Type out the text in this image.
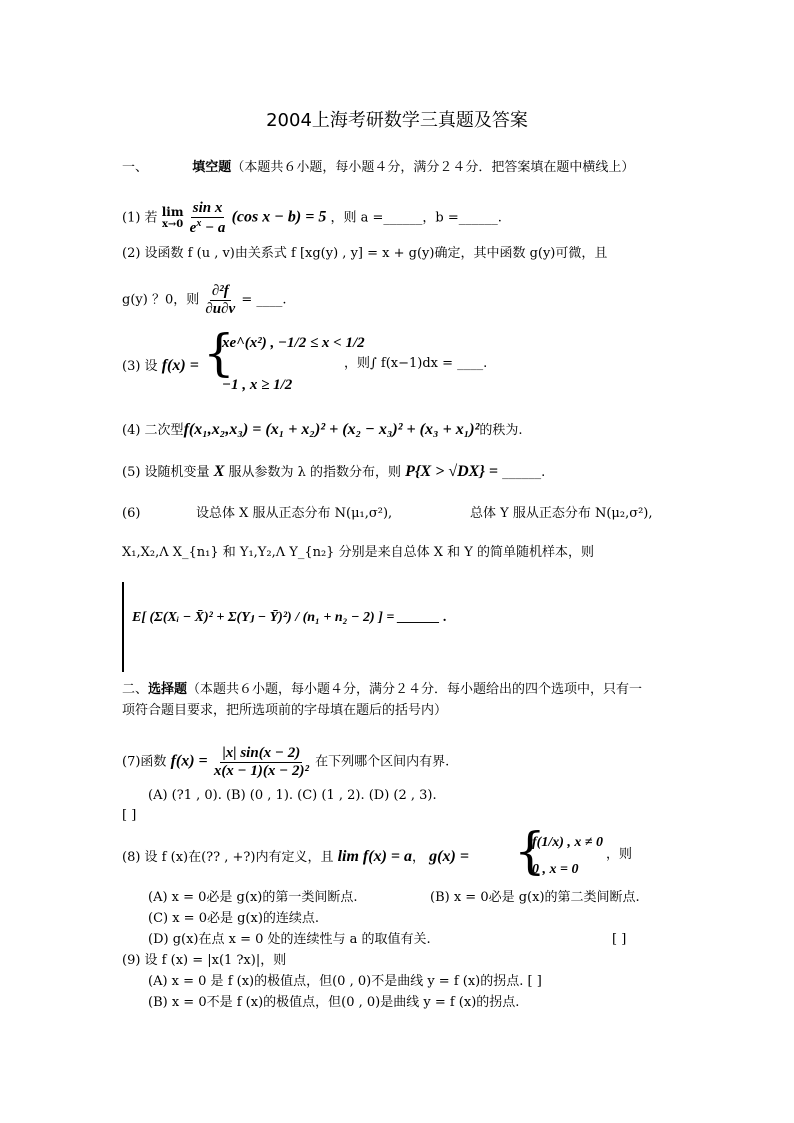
2004上海考研数学三真题及答案
一、	填空题（本题共６小题，每小题４分，满分２４分．把答案填在题中横线上）
(1) 若 lim
x→0
$\frac{\text{sin x}}{e^x - a} (\cos$ x − b) = 5 ，则 a =______，b =______.
(2) 设函数 f (u , v)由关系式 f [xg(y) , y] = x + g(y)确定，其中函数 g(y)可微，且
g(y) ？0，则 $\frac{\text{∂²f}}{\partial u\partial v}$ = ____.
(3) 设 f(x) = {
xe^(x²) , −1/2 ≤ x < 1/2
−1 , x ≥ 1/2
，则∫ f(x−1)dx = ____.
(4) 二次型f(x₁,x₂,x₃) = (x₁ + x₂)² + (x₂ − x₃)² + (x₃ + x₁)²的秩为.
(5) 设随机变量 X 服从参数为 λ 的指数分布，则 P{X > √DX} = ______.
(6)	设总体 X 服从正态分布 N(μ₁,σ²),	总体 Y 服从正态分布 N(μ₂,σ²),
X₁,X₂,Λ X_{n₁} 和 Y₁,Y₂,Λ Y_{n₂} 分别是来自总体 X 和 Y 的简单随机样本，则
E[ (Σ(Xᵢ − X̄)² + Σ(Yⱼ − Ȳ)²) / (n₁ + n₂ − 2) ] = ______ .
二、选择题（本题共６小题，每小题４分，满分２４分．每小题给出的四个选项中，只有一
项符合题目要求，把所选项前的字母填在题后的括号内）
(7)函数 $f(x) = \frac{|x| \sin(x - 2)}{\text{x(x − 1)(x − 2)²}}$ 在下列哪个区间内有界.
(A) (?1 , 0). (B) (0 , 1). (C) (1 , 2). (D) (2 , 3).
[ ]
(8) 设 f (x)在(?? , +?)内有定义，且 lim f(x) = a， g(x) = {
f(1/x) , x ≠ 0
0 , x = 0
，则
(A) x = 0必是 g(x)的第一类间断点.	(B) x = 0必是 g(x)的第二类间断点.
(C) x = 0必是 g(x)的连续点.
(D) g(x)在点 x = 0 处的连续性与 a 的取值有关.	[ ]
(9) 设 f (x) = |x(1 ?x)|，则
(A) x = 0 是 f (x)的极值点，但(0 , 0)不是曲线 y = f (x)的拐点. [ ]
(B) x = 0不是 f (x)的极值点，但(0 , 0)是曲线 y = f (x)的拐点.
